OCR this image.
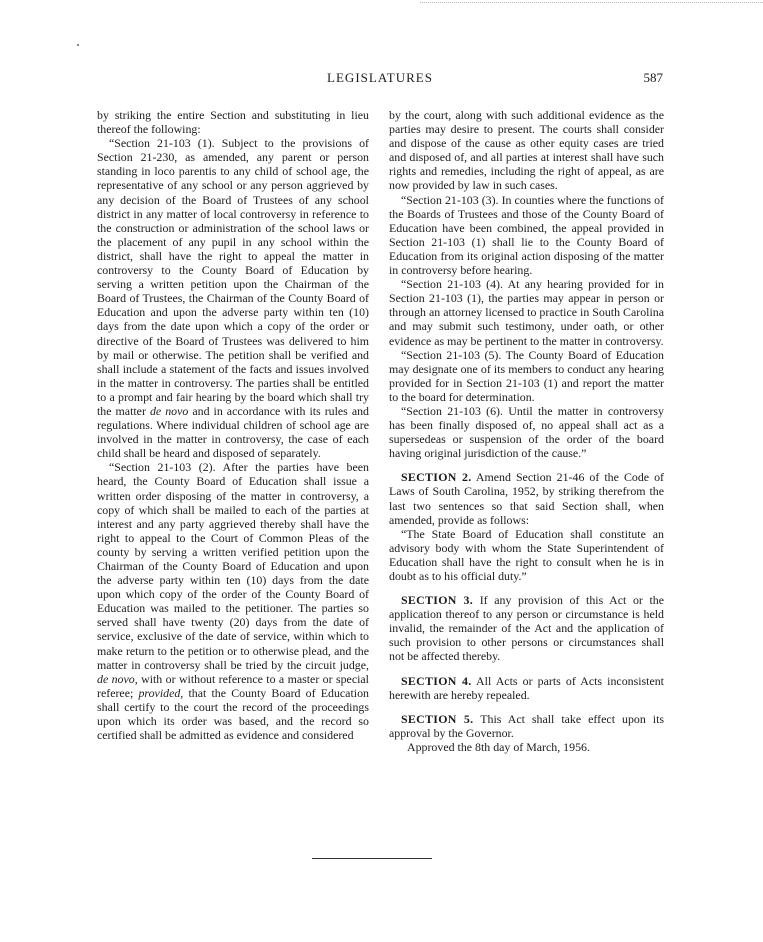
LEGISLATURES	587

by striking the entire Section and substituting in lieu thereof the following:

“Section 21-103 (1). Subject to the provisions of Section 21-230, as amended, any parent or person standing in loco parentis to any child of school age, the representative of any school or any person aggrieved by any decision of the Board of Trustees of any school district in any matter of local controversy in reference to the construction or administration of the school laws or the placement of any pupil in any school within the district, shall have the right to appeal the matter in controversy to the County Board of Education by serving a written petition upon the Chairman of the Board of Trustees, the Chairman of the County Board of Education and upon the adverse party within ten (10) days from the date upon which a copy of the order or directive of the Board of Trustees was delivered to him by mail or otherwise. The petition shall be verified and shall include a statement of the facts and issues involved in the matter in controversy. The parties shall be entitled to a prompt and fair hearing by the board which shall try the matter de novo and in accordance with its rules and regulations. Where individual children of school age are involved in the matter in controversy, the case of each child shall be heard and disposed of separately.

“Section 21-103 (2). After the parties have been heard, the County Board of Education shall issue a written order disposing of the matter in controversy, a copy of which shall be mailed to each of the parties at interest and any party aggrieved thereby shall have the right to appeal to the Court of Common Pleas of the county by serving a written verified petition upon the Chairman of the County Board of Education and upon the adverse party within ten (10) days from the date upon which copy of the order of the County Board of Education was mailed to the petitioner. The parties so served shall have twenty (20) days from the date of service, exclusive of the date of service, within which to make return to the petition or to otherwise plead, and the matter in controversy shall be tried by the circuit judge, de novo, with or without reference to a master or special referee; provided, that the County Board of Education shall certify to the court the record of the proceedings upon which its order was based, and the record so certified shall be admitted as evidence and considered

by the court, along with such additional evidence as the parties may desire to present. The courts shall consider and dispose of the cause as other equity cases are tried and disposed of, and all parties at interest shall have such rights and remedies, including the right of appeal, as are now provided by law in such cases.

“Section 21-103 (3). In counties where the functions of the Boards of Trustees and those of the County Board of Education have been combined, the appeal provided in Section 21-103 (1) shall lie to the County Board of Education from its original action disposing of the matter in controversy before hearing.

“Section 21-103 (4). At any hearing provided for in Section 21-103 (1), the parties may appear in person or through an attorney licensed to practice in South Carolina and may submit such testimony, under oath, or other evidence as may be pertinent to the matter in controversy.

“Section 21-103 (5). The County Board of Education may designate one of its members to conduct any hearing provided for in Section 21-103 (1) and report the matter to the board for determination.

“Section 21-103 (6). Until the matter in controversy has been finally disposed of, no appeal shall act as a supersedeas or suspension of the order of the board having original jurisdiction of the cause.”

SECTION 2. Amend Section 21-46 of the Code of Laws of South Carolina, 1952, by striking therefrom the last two sentences so that said Section shall, when amended, provide as follows:

“The State Board of Education shall constitute an advisory body with whom the State Superintendent of Education shall have the right to consult when he is in doubt as to his official duty.”

SECTION 3. If any provision of this Act or the application thereof to any person or circumstance is held invalid, the remainder of the Act and the application of such provision to other persons or circumstances shall not be affected thereby.

SECTION 4. All Acts or parts of Acts inconsistent herewith are hereby repealed.

SECTION 5. This Act shall take effect upon its approval by the Governor.

Approved the 8th day of March, 1956.
